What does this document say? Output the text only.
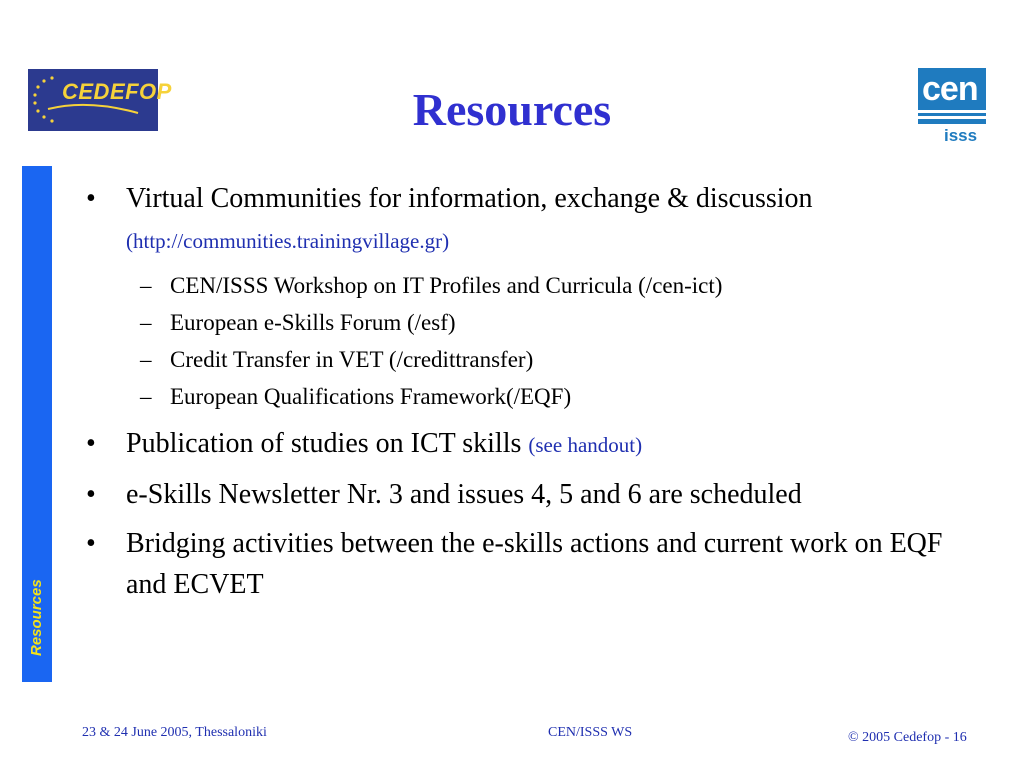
CEDEFOP	Resources	cen
isss
Resources
• Virtual Communities for information, exchange & discussion (http://communities.trainingvillage.gr)
– CEN/ISSS Workshop on IT Profiles and Curricula (/cen-ict)
– European e-Skills Forum (/esf)
– Credit Transfer in VET (/credittransfer)
– European Qualifications Framework(/EQF)
• Publication of studies on ICT skills (see handout)
• e-Skills Newsletter Nr. 3 and issues 4, 5 and 6 are scheduled
• Bridging activities between the e-skills actions and current work on EQF and ECVET
23 & 24 June 2005, Thessaloniki	CEN/ISSS WS	© 2005 Cedefop - 16
